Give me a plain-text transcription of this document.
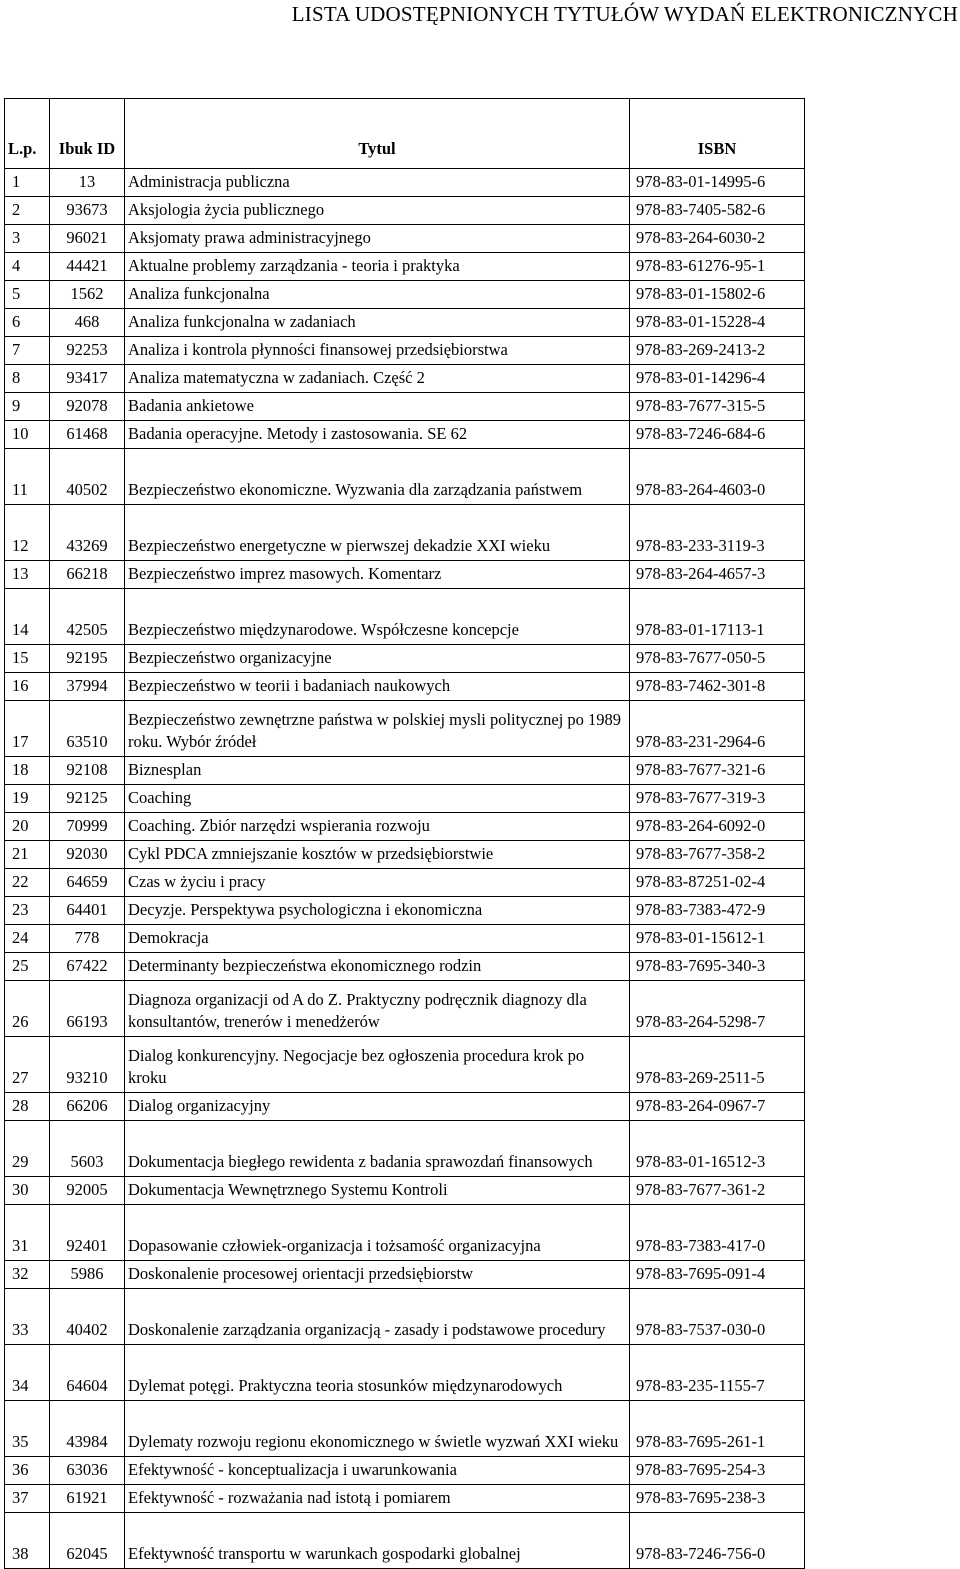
LISTA UDOSTĘPNIONYCH TYTUŁÓW WYDAŃ ELEKTRONICZNYCH
L.p.	Ibuk ID	Tytul	ISBN
1	13	Administracja publiczna	978-83-01-14995-6
2	93673	Aksjologia życia publicznego	978-83-7405-582-6
3	96021	Aksjomaty prawa administracyjnego	978-83-264-6030-2
4	44421	Aktualne problemy zarządzania - teoria i praktyka	978-83-61276-95-1
5	1562	Analiza funkcjonalna	978-83-01-15802-6
6	468	Analiza funkcjonalna w zadaniach	978-83-01-15228-4
7	92253	Analiza i kontrola płynności finansowej przedsiębiorstwa	978-83-269-2413-2
8	93417	Analiza matematyczna w zadaniach. Część 2	978-83-01-14296-4
9	92078	Badania ankietowe	978-83-7677-315-5
10	61468	Badania operacyjne. Metody i zastosowania. SE 62	978-83-7246-684-6
11	40502	Bezpieczeństwo ekonomiczne. Wyzwania dla zarządzania państwem	978-83-264-4603-0
12	43269	Bezpieczeństwo energetyczne w pierwszej dekadzie XXI wieku	978-83-233-3119-3
13	66218	Bezpieczeństwo imprez masowych. Komentarz	978-83-264-4657-3
14	42505	Bezpieczeństwo międzynarodowe. Współczesne koncepcje	978-83-01-17113-1
15	92195	Bezpieczeństwo organizacyjne	978-83-7677-050-5
16	37994	Bezpieczeństwo w teorii i badaniach naukowych	978-83-7462-301-8
17	63510	Bezpieczeństwo zewnętrzne państwa w polskiej mysli politycznej po 1989 roku. Wybór źródeł	978-83-231-2964-6
18	92108	Biznesplan	978-83-7677-321-6
19	92125	Coaching	978-83-7677-319-3
20	70999	Coaching. Zbiór narzędzi wspierania rozwoju	978-83-264-6092-0
21	92030	Cykl PDCA zmniejszanie kosztów w przedsiębiorstwie	978-83-7677-358-2
22	64659	Czas w życiu i pracy	978-83-87251-02-4
23	64401	Decyzje. Perspektywa psychologiczna i ekonomiczna	978-83-7383-472-9
24	778	Demokracja	978-83-01-15612-1
25	67422	Determinanty bezpieczeństwa ekonomicznego rodzin	978-83-7695-340-3
26	66193	Diagnoza organizacji od A do Z. Praktyczny podręcznik diagnozy dla konsultantów, trenerów i menedżerów	978-83-264-5298-7
27	93210	Dialog konkurencyjny. Negocjacje bez ogłoszenia procedura krok po kroku	978-83-269-2511-5
28	66206	Dialog organizacyjny	978-83-264-0967-7
29	5603	Dokumentacja biegłego rewidenta z badania sprawozdań finansowych	978-83-01-16512-3
30	92005	Dokumentacja Wewnętrznego Systemu Kontroli	978-83-7677-361-2
31	92401	Dopasowanie człowiek-organizacja i tożsamość organizacyjna	978-83-7383-417-0
32	5986	Doskonalenie procesowej orientacji przedsiębiorstw	978-83-7695-091-4
33	40402	Doskonalenie zarządzania organizacją - zasady i podstawowe procedury	978-83-7537-030-0
34	64604	Dylemat potęgi. Praktyczna teoria stosunków międzynarodowych	978-83-235-1155-7
35	43984	Dylematy rozwoju regionu ekonomicznego w świetle wyzwań XXI wieku	978-83-7695-261-1
36	63036	Efektywność - konceptualizacja i uwarunkowania	978-83-7695-254-3
37	61921	Efektywność - rozważania nad istotą i pomiarem	978-83-7695-238-3
38	62045	Efektywność transportu w warunkach gospodarki globalnej	978-83-7246-756-0
